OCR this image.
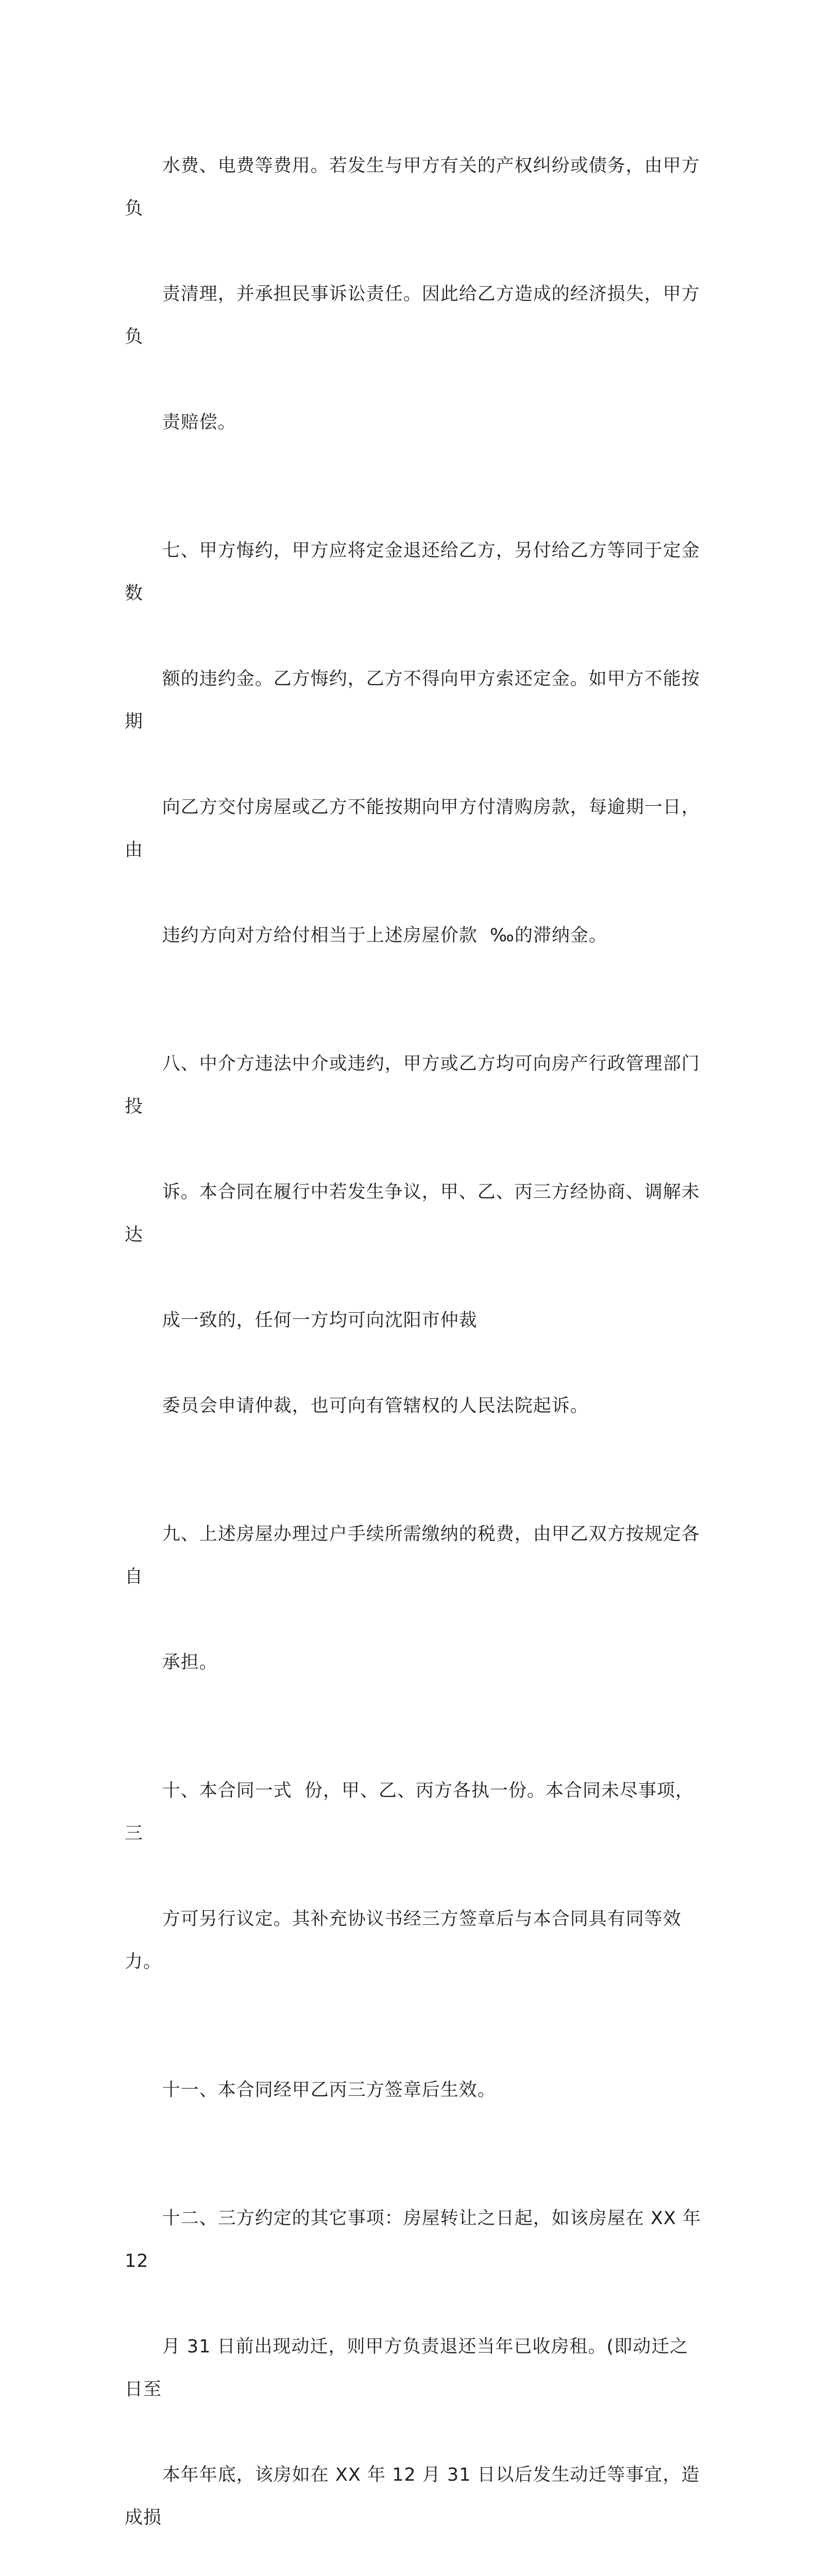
水费、电费等费用。若发生与甲方有关的产权纠纷或债务，由甲方负

责清理，并承担民事诉讼责任。因此给乙方造成的经济损失，甲方负

责赔偿。

七、甲方悔约，甲方应将定金退还给乙方，另付给乙方等同于定金数

额的违约金。乙方悔约，乙方不得向甲方索还定金。如甲方不能按期

向乙方交付房屋或乙方不能按期向甲方付清购房款，每逾期一日，由

违约方向对方给付相当于上述房屋价款  ‰的滞纳金。

八、中介方违法中介或违约，甲方或乙方均可向房产行政管理部门投

诉。本合同在履行中若发生争议，甲、乙、丙三方经协商、调解未达

成一致的，任何一方均可向沈阳市仲裁

委员会申请仲裁，也可向有管辖权的人民法院起诉。

九、上述房屋办理过户手续所需缴纳的税费，由甲乙双方按规定各自

承担。

十、本合同一式  份，甲、乙、丙方各执一份。本合同未尽事项，三

方可另行议定。其补充协议书经三方签章后与本合同具有同等效力。

十一、本合同经甲乙丙三方签章后生效。

十二、三方约定的其它事项：房屋转让之日起，如该房屋在 XX 年 12

月 31 日前出现动迁，则甲方负责退还当年已收房租。(即动迁之日至

本年年底，该房如在 XX 年 12 月 31 日以后发生动迁等事宜，造成损
